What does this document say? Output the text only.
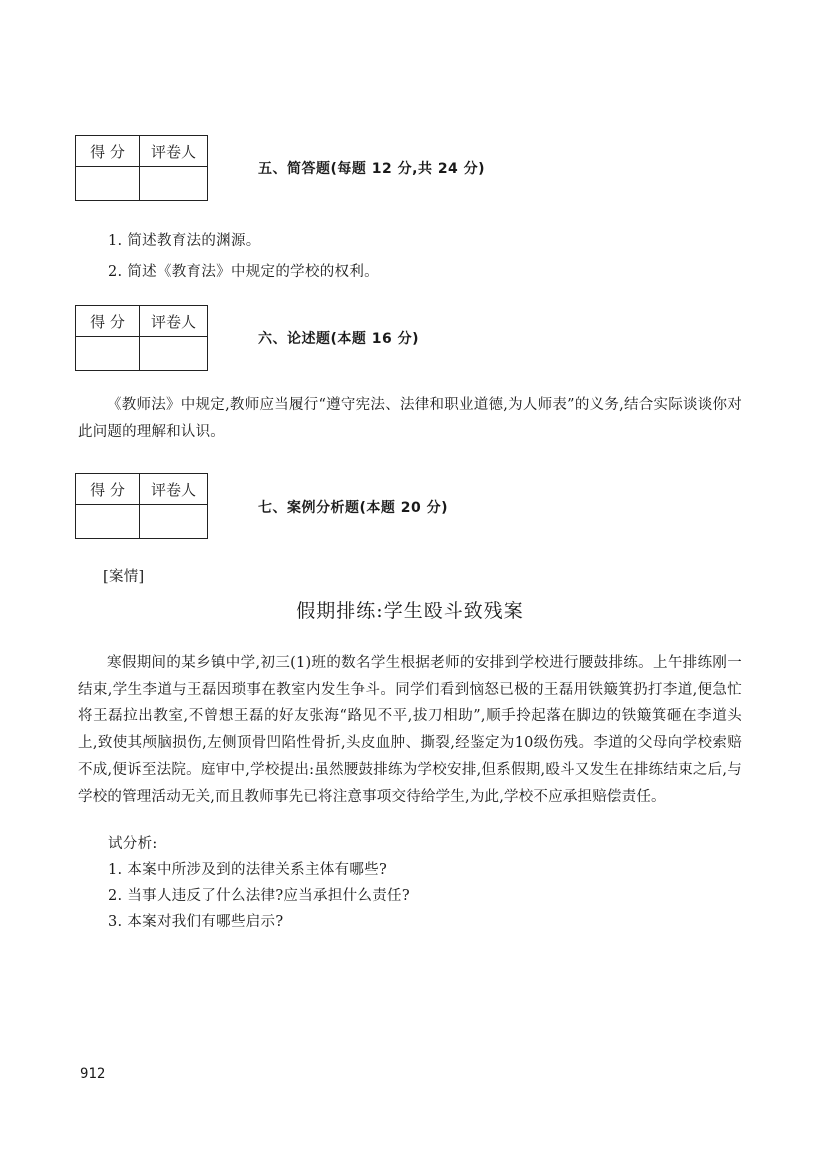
得 分	评卷人
五、简答题(每题 12 分,共 24 分)
1. 简述教育法的渊源。
2. 简述《教育法》中规定的学校的权利。
得 分	评卷人
六、论述题(本题 16 分)

《教师法》中规定,教师应当履行“遵守宪法、法律和职业道德,为人师表”的义务,结合实际谈谈你对此问题的理解和认识。

得 分	评卷人
七、案例分析题(本题 20 分)
[案情]
假期排练:学生殴斗致残案

寒假期间的某乡镇中学,初三(1)班的数名学生根据老师的安排到学校进行腰鼓排练。上午排练刚一结束,学生李道与王磊因琐事在教室内发生争斗。同学们看到恼怒已极的王磊用铁簸箕扔打李道,便急忙将王磊拉出教室,不曾想王磊的好友张海“路见不平,拔刀相助”,顺手拎起落在脚边的铁簸箕砸在李道头上,致使其颅脑损伤,左侧顶骨凹陷性骨折,头皮血肿、撕裂,经鉴定为10级伤残。李道的父母向学校索赔不成,便诉至法院。庭审中,学校提出:虽然腰鼓排练为学校安排,但系假期,殴斗又发生在排练结束之后,与学校的管理活动无关,而且教师事先已将注意事项交待给学生,为此,学校不应承担赔偿责任。

试分析:
1. 本案中所涉及到的法律关系主体有哪些?
2. 当事人违反了什么法律?应当承担什么责任?
3. 本案对我们有哪些启示?
912
